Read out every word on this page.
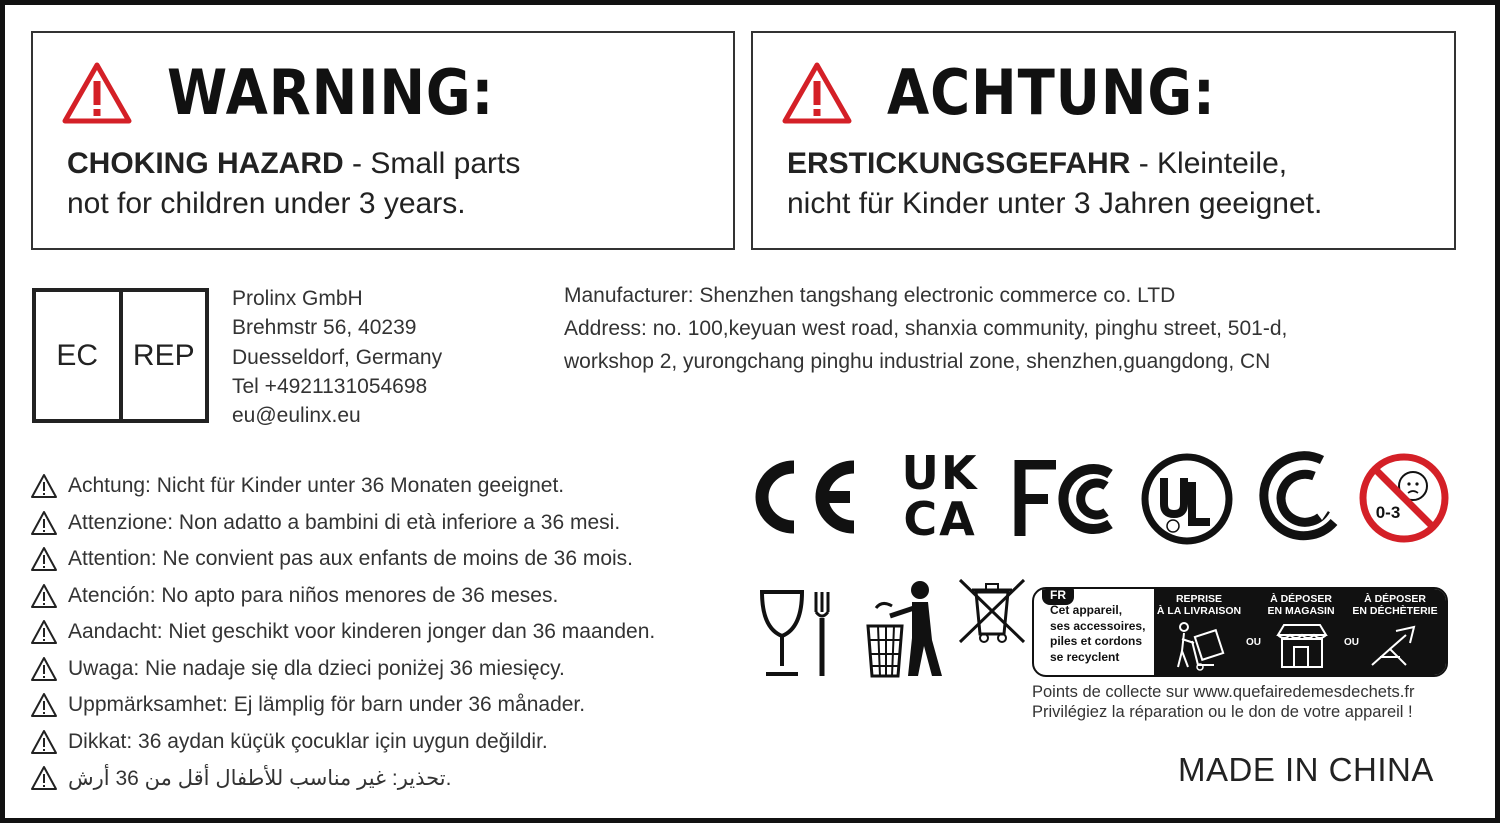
WARNING:
CHOKING HAZARD - Small parts
not for children under 3 years.
ACHTUNG:
ERSTICKUNGSGEFAHR - Kleinteile,
nicht für Kinder unter 3 Jahren geeignet.
EC	REP
Prolinx GmbH
Brehmstr 56, 40239
Duesseldorf, Germany
Tel +4921131054698
eu@eulinx.eu
Manufacturer: Shenzhen tangshang electronic commerce co. LTD
Address: no. 100,keyuan west road, shanxia community, pinghu street, 501-d,
workshop 2, yurongchang pinghu industrial zone, shenzhen,guangdong, CN
Achtung: Nicht für Kinder unter 36 Monaten geeignet.
Attenzione: Non adatto a bambini di età inferiore a 36 mesi.
Attention: Ne convient pas aux enfants de moins de 36 mois.
Atención: No apto para niños menores de 36 meses.
Aandacht: Niet geschikt voor kinderen jonger dan 36 maanden.
Uwaga: Nie nadaje się dla dzieci poniżej 36 miesięcy.
Uppmärksamhet: Ej lämplig för barn under 36 månader.
Dikkat: 36 aydan küçük çocuklar için uygun değildir.
تحذير: غير مناسب للأطفال أقل من 36 أرش.
UK
CA	0-3
REPRISE
À LA LIVRAISON
À DÉPOSER
EN MAGASIN
À DÉPOSER
EN DÉCHÈTERIE
OU	OU
FR
Cet appareil,
ses accessoires,
piles et cordons
se recyclent
Points de collecte sur www.quefairedemesdechets.fr
Privilégiez la réparation ou le don de votre appareil !
MADE IN CHINA
